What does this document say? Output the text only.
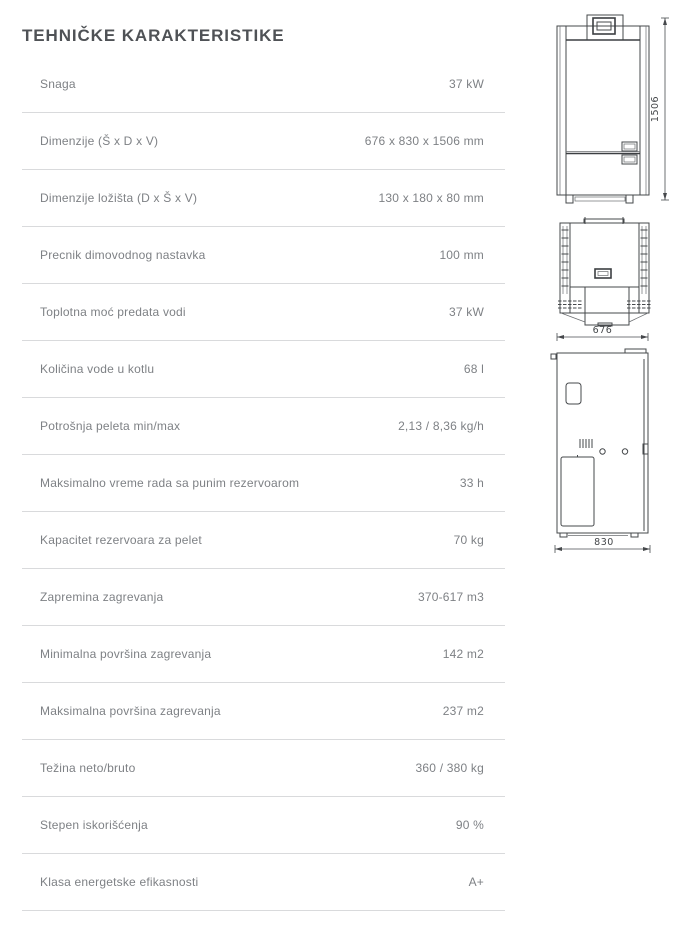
TEHNIČKE KARAKTERISTIKE
Snaga	37 kW
Dimenzije (Š x D x V)	676 x 830 x 1506 mm
Dimenzije ložišta (D x Š x V)	130 x 180 x 80 mm
Precnik dimovodnog nastavka	100 mm
Toplotna moć predata vodi	37 kW
Količina vode u kotlu	68 l
Potrošnja peleta min/max	2,13 / 8,36 kg/h
Maksimalno vreme rada sa punim rezervoarom	33 h
Kapacitet rezervoara za pelet	70 kg
Zapremina zagrevanja	370-617 m3
Minimalna površina zagrevanja	142 m2
Maksimalna površina zagrevanja	237 m2
Težina neto/bruto	360 / 380 kg
Stepen iskorišćenja	90 %
Klasa energetske efikasnosti	A+
1506
676
830
